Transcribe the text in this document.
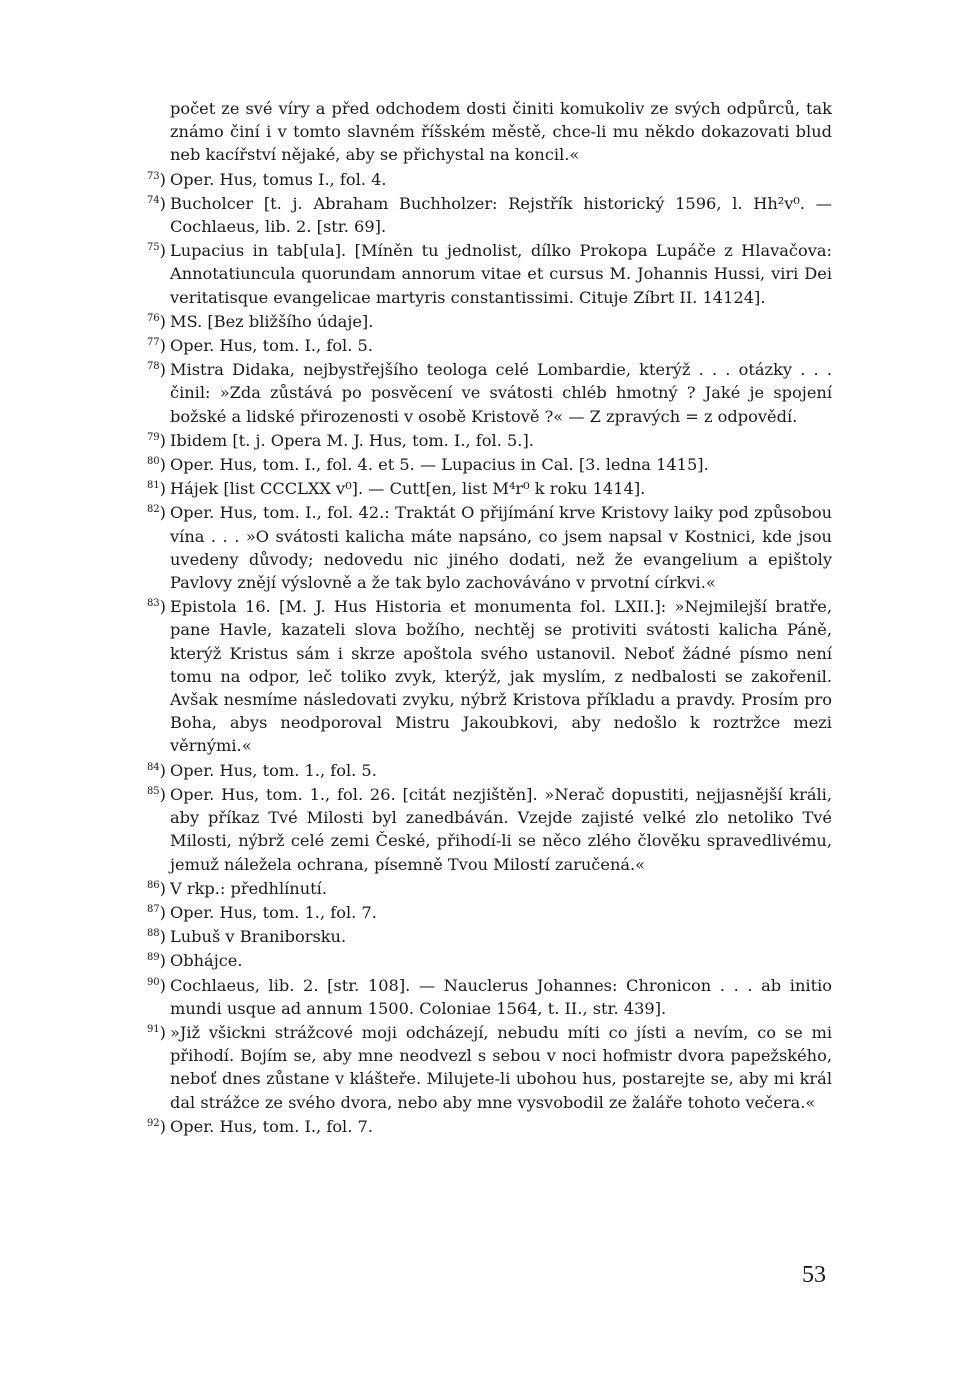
počet ze své víry a před odchodem dosti činiti komukoliv ze svých odpůrců, tak známo činí i v tomto slavném říšském městě, chce-li mu někdo dokazovati blud neb kacířství nějaké, aby se přichystal na koncil.«
$^{73}$) Oper. Hus, tomus I., fol. 4.
$^{74}$) Bucholcer [t. j. Abraham Buchholzer: Rejstřík historický 1596, l. Hh²v⁰. — Cochlaeus, lib. 2. [str. 69].
$^{75}$) Lupacius in tab[ula]. [Míněn tu jednolist, dílko Prokopa Lupáče z Hlavačova: Annotatiuncula quorundam annorum vitae et cursus M. Johannis Hussi, viri Dei veritatisque evangelicae martyris constantissimi. Cituje Zíbrt II. 14124].
$^{76}$) MS. [Bez bližšího údaje].
$^{77}$) Oper. Hus, tom. I., fol. 5.
$^{78}$) Mistra Didaka, nejbystřejšího teologa celé Lombardie, kterýž . . . otázky . . . činil: »Zda zůstává po posvěcení ve svátosti chléb hmotný ? Jaké je spojení božské a lidské přirozenosti v osobě Kristově ?« — Z zpravých = z odpovědí.
$^{79}$) Ibidem [t. j. Opera M. J. Hus, tom. I., fol. 5.].
$^{80}$) Oper. Hus, tom. I., fol. 4. et 5. — Lupacius in Cal. [3. ledna 1415].
$^{81}$) Hájek [list CCCLXX v⁰]. — Cutt[en, list M⁴r⁰ k roku 1414].
$^{82}$) Oper. Hus, tom. I., fol. 42.: Traktát O přijímání krve Kristovy laiky pod způsobou vína . . . »O svátosti kalicha máte napsáno, co jsem napsal v Kostnici, kde jsou uvedeny důvody; nedovedu nic jiného dodati, než že evangelium a epištoly Pavlovy znějí výslovně a že tak bylo zachováváno v prvotní církvi.«
$^{83}$) Epistola 16. [M. J. Hus Historia et monumenta fol. LXII.]: »Nejmilejší bratře, pane Havle, kazateli slova božího, nechtěj se protiviti svátosti kalicha Páně, kterýž Kristus sám i skrze apoštola svého ustanovil. Neboť žádné písmo není tomu na odpor, leč toliko zvyk, kterýž, jak myslím, z nedbalosti se zakořenil. Avšak nesmíme následovati zvyku, nýbrž Kristova příkladu a pravdy. Prosím pro Boha, abys neodporoval Mistru Jakoubkovi, aby nedošlo k roztržce mezi věrnými.«
$^{84}$) Oper. Hus, tom. 1., fol. 5.
$^{85}$) Oper. Hus, tom. 1., fol. 26. [citát nezjištěn]. »Nerač dopustiti, nejjasnější králi, aby příkaz Tvé Milosti byl zanedbáván. Vzejde zajisté velké zlo netoliko Tvé Milosti, nýbrž celé zemi České, přihodí-li se něco zlého člověku spravedlivému, jemuž náležela ochrana, písemně Tvou Milostí zaručená.«
$^{86}$) V rkp.: předhlínutí.
$^{87}$) Oper. Hus, tom. 1., fol. 7.
$^{88}$) Lubuš v Braniborsku.
$^{89}$) Obhájce.
$^{90}$) Cochlaeus, lib. 2. [str. 108]. — Nauclerus Johannes: Chronicon . . . ab initio mundi usque ad annum 1500. Coloniae 1564, t. II., str. 439].
$^{91}$) »Již všickni strážcové moji odcházejí, nebudu míti co jísti a nevím, co se mi přihodí. Bojím se, aby mne neodvezl s sebou v noci hofmistr dvora papežského, neboť dnes zůstane v klášteře. Milujete-li ubohou hus, postarejte se, aby mi král dal strážce ze svého dvora, nebo aby mne vysvobodil ze žaláře tohoto večera.«
$^{92}$) Oper. Hus, tom. I., fol. 7.
53
